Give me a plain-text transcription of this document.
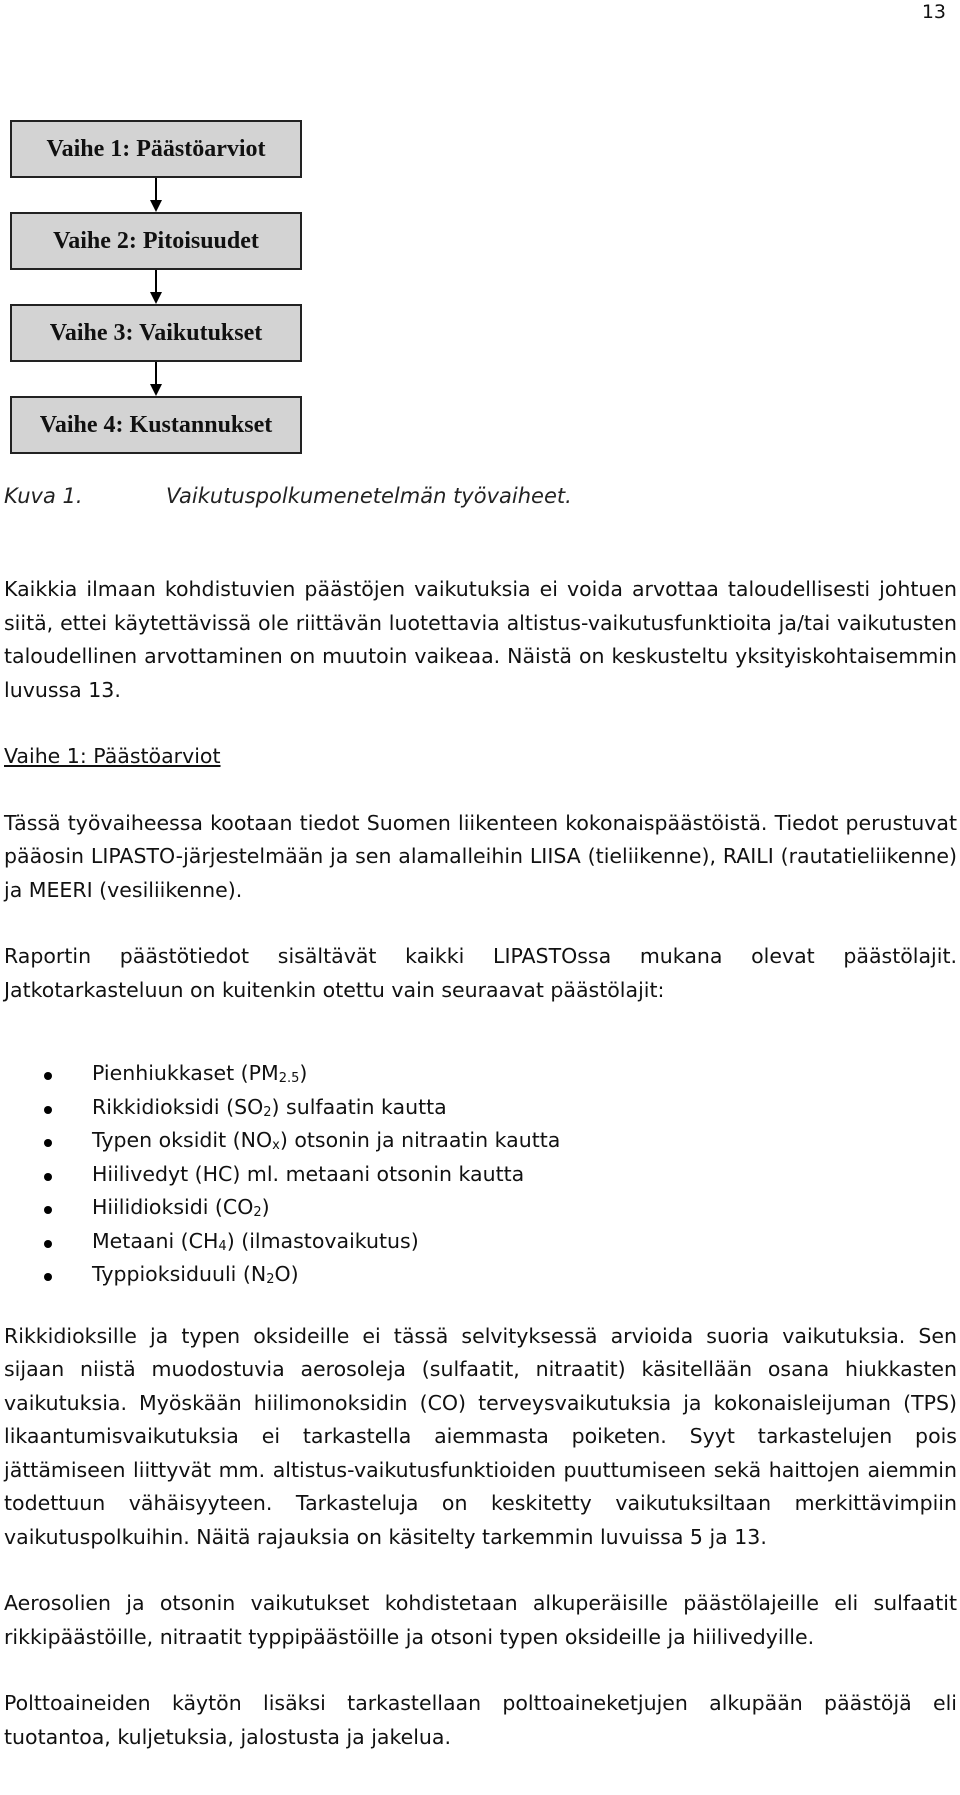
13
Vaihe 1: Päästöarviot
Vaihe 2: Pitoisuudet
Vaihe 3: Vaikutukset
Vaihe 4: Kustannukset
Kuva 1.	Vaikutuspolkumenetelmän työvaiheet.

Kaikkia ilmaan kohdistuvien päästöjen vaikutuksia ei voida arvottaa taloudellisesti johtuen siitä, ettei käytettävissä ole riittävän luotettavia altistus-vaikutusfunktioita ja/tai vaikutusten taloudellinen arvottaminen on muutoin vaikeaa. Näistä on keskusteltu yksityiskohtaisemmin luvussa 13.

Vaihe 1: Päästöarviot

Tässä työvaiheessa kootaan tiedot Suomen liikenteen kokonaispäästöistä. Tiedot perustuvat pääosin LIPASTO-järjestelmään ja sen alamalleihin LIISA (tieliikenne), RAILI (rautatieliikenne) ja MEERI (vesiliikenne).

Raportin päästötiedot sisältävät kaikki LIPASTOssa mukana olevat päästölajit. Jatkotarkasteluun on kuitenkin otettu vain seuraavat päästölajit:

Pienhiukkaset (PM2.5)
Rikkidioksidi (SO2) sulfaatin kautta
Typen oksidit (NOx) otsonin ja nitraatin kautta
Hiilivedyt (HC) ml. metaani otsonin kautta
Hiilidioksidi (CO2)
Metaani (CH4) (ilmastovaikutus)
Typpioksiduuli (N2O)

Rikkidioksille ja typen oksideille ei tässä selvityksessä arvioida suoria vaikutuksia. Sen sijaan niistä muodostuvia aerosoleja (sulfaatit, nitraatit) käsitellään osana hiukkasten vaikutuksia. Myöskään hiilimonoksidin (CO) terveysvaikutuksia ja kokonaisleijuman (TPS) likaantumisvaikutuksia ei tarkastella aiemmasta poiketen. Syyt tarkastelujen pois jättämiseen liittyvät mm. altistus-vaikutusfunktioiden puuttumiseen sekä haittojen aiemmin todettuun vähäisyyteen. Tarkasteluja on keskitetty vaikutuksiltaan merkittävimpiin vaikutuspolkuihin. Näitä rajauksia on käsitelty tarkemmin luvuissa 5 ja 13.

Aerosolien ja otsonin vaikutukset kohdistetaan alkuperäisille päästölajeille eli sulfaatit rikkipäästöille, nitraatit typpipäästöille ja otsoni typen oksideille ja hiilivedyille.

Polttoaineiden käytön lisäksi tarkastellaan polttoaineketjujen alkupään päästöjä eli tuotantoa, kuljetuksia, jalostusta ja jakelua.
